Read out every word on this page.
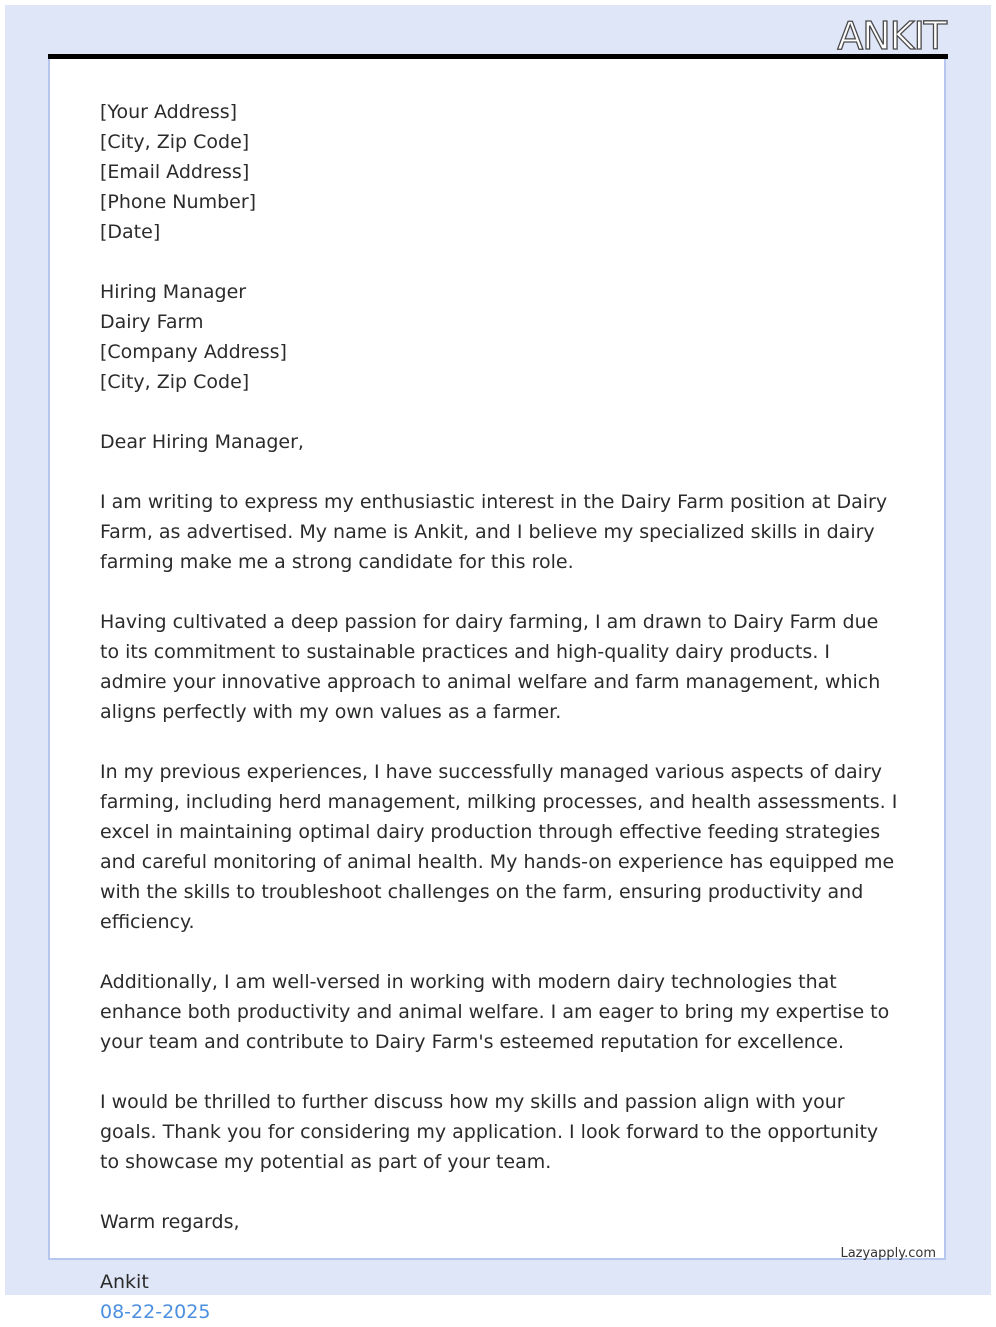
ANKIT

[Your Address]
[City, Zip Code]
[Email Address]
[Phone Number]
[Date]

Hiring Manager
Dairy Farm
[Company Address]
[City, Zip Code]

Dear Hiring Manager,

I am writing to express my enthusiastic interest in the Dairy Farm position at Dairy Farm, as advertised. My name is Ankit, and I believe my specialized skills in dairy farming make me a strong candidate for this role.

Having cultivated a deep passion for dairy farming, I am drawn to Dairy Farm due to its commitment to sustainable practices and high-quality dairy products. I admire your innovative approach to animal welfare and farm management, which aligns perfectly with my own values as a farmer.

In my previous experiences, I have successfully managed various aspects of dairy farming, including herd management, milking processes, and health assessments. I excel in maintaining optimal dairy production through effective feeding strategies and careful monitoring of animal health. My hands-on experience has equipped me with the skills to troubleshoot challenges on the farm, ensuring productivity and efficiency.

Additionally, I am well-versed in working with modern dairy technologies that enhance both productivity and animal welfare. I am eager to bring my expertise to your team and contribute to Dairy Farm's esteemed reputation for excellence.

I would be thrilled to further discuss how my skills and passion align with your goals. Thank you for considering my application. I look forward to the opportunity to showcase my potential as part of your team.

Warm regards,

Ankit
08-22-2025

Lazyapply.com
